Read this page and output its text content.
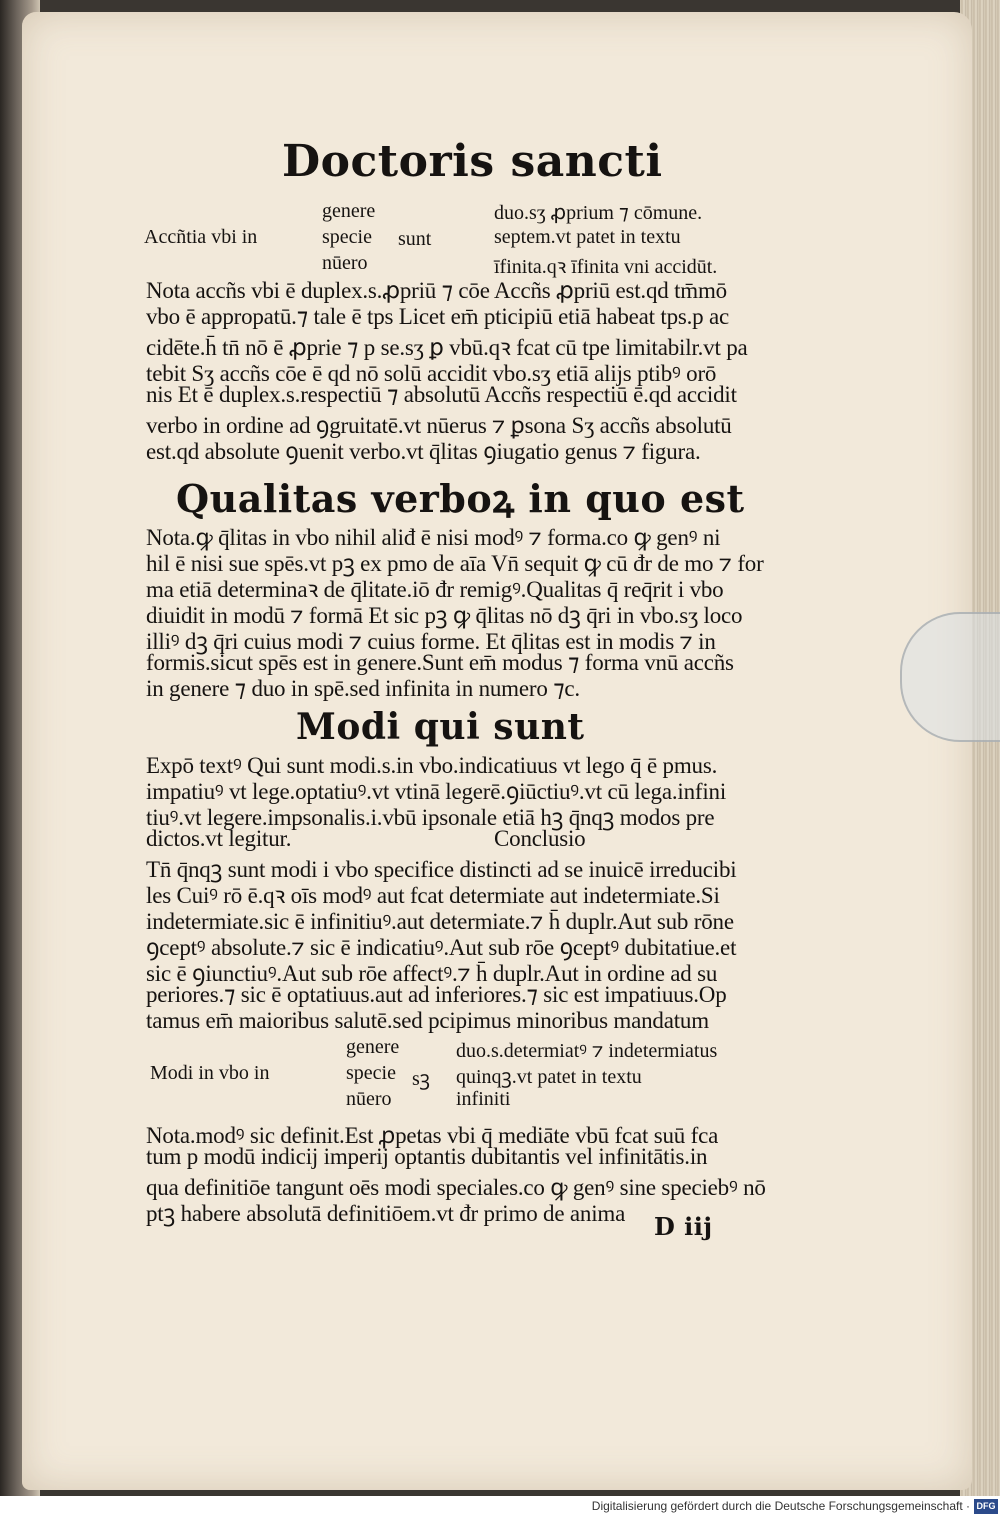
Doctoris sancti
Accñtia vbi in
genere
specie
nūero
sunt
duo.sʒ ꝓprium ⁊ cōmune.
septem.vt patet in textu
īfinita.qꝛ īfinita vni accidūt.
Nota accñs vbi ē duplex.s.ꝓpriū ⁊ cōe Accñs ꝓpriū est.qd tm̄mō
vbo ē appropatū.⁊ tale ē tps Licet em̄ pticipiū etiā habeat tps.p ac
cidēte.h̄ tn̄ nō ē ꝓprie ⁊ p se.sʒ ꝑ vbū.qꝛ fcat cū tpe limitabilr.vt pa
tebit Sʒ accñs cōe ē qd nō solū accidit vbo.sʒ etiā alijs ptibꝰ orō
nis Et ē duplex.s.respectiū ⁊ absolutū Accñs respectiū ē.qd accidit
verbo in ordine ad ꝯgruitatē.vt nūerus ⁊ ꝑsona Sʒ accñs absolutū
est.qd absolute ꝯuenit verbo.vt q̄litas ꝯiugatio genus ⁊ figura.
Qualitas verboꝝ in quo est
Nota.ꝙ q̄litas in vbo nihil aliđ ē nisi modꝰ ⁊ forma.co ꝙ genꝰ ni
hil ē nisi sue spēs.vt pꝫ ex pmo de aīa Vn̄ sequit ꝙ cū đr de mo ⁊ for
ma etiā determinaꝛ de q̄litate.iō đr remigꝰ.Qualitas q̄ req̄rit i vbo
diuidit in modū ⁊ formā Et sic pꝫ ꝙ q̄litas nō dꝫ q̄ri in vbo.sʒ loco
illiꝰ dꝫ q̄ri cuius modi ⁊ cuius forme. Et q̄litas est in modis ⁊ in
formis.sicut spēs est in genere.Sunt em̄ modus ⁊ forma vnū accñs
in genere ⁊ duo in spē.sed infinita in numero ⁊c.
Modi qui sunt
Expō textꝰ Qui sunt modi.s.in vbo.indicatiuus vt lego q̄ ē pmus.
impatiuꝰ vt lege.optatiuꝰ.vt vtinā legerē.ꝯiūctiuꝰ.vt cū lega.infini
tiuꝰ.vt legere.impsonalis.i.vbū ipsonale etiā hꝫ q̄nqꝫ modos pre
dictos.vt legitur.	Conclusio
Tn̄ q̄nqꝫ sunt modi i vbo specifice distincti ad se inuicē irreducibi
les Cuiꝰ rō ē.qꝛ oīs modꝰ aut fcat determiate aut indetermiate.Si
indetermiate.sic ē infinitiuꝰ.aut determiate.⁊ h̄ duplr.Aut sub rōne
ꝯceptꝰ absolute.⁊ sic ē indicatiuꝰ.Aut sub rōe ꝯceptꝰ dubitatiue.et
sic ē ꝯiunctiuꝰ.Aut sub rōe affectꝰ.⁊ h̄ duplr.Aut in ordine ad su
periores.⁊ sic ē optatiuus.aut ad inferiores.⁊ sic est impatiuus.Op
tamus em̄ maioribus salutē.sed pcipimus minoribus mandatum
Modi in vbo in
genere
specie
nūero
sꝫ
duo.s.determiatꝰ ⁊ indetermiatus
quinqꝫ.vt patet in textu
infiniti
Nota.modꝰ sic definit.Est ꝓpetas vbi q̄ mediāte vbū fcat suū fca
tum p modū indicij imperij optantis dubitantis vel infinitātis.in
qua definitiōe tangunt oēs modi speciales.co ꝙ genꝰ sine speciebꝰ nō
ptꝫ habere absolutā definitiōem.vt đr primo de anima D iij
Digitalisierung gefördert durch die Deutsche Forschungsgemeinschaft · DFG
